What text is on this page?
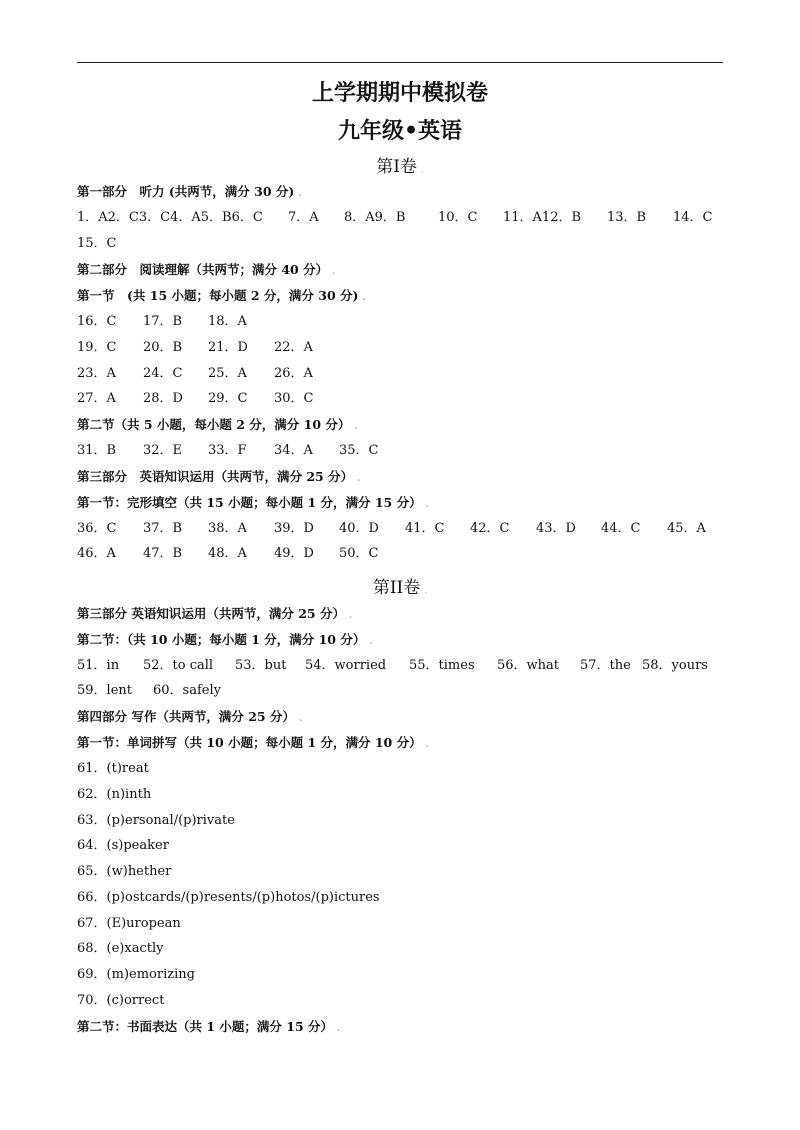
上学期期中模拟卷
九年级•英语
第I卷 .
第一部分　听力 (共两节，满分 30 分) .
1．A2．C3．C4．A5．B6．C 7．A 8．A9．B	10．C 11．A12．B 13．B 14．C
15．C
第二部分　阅读理解（共两节；满分 40 分） .
第一节　(共 15 小题；每小题 2 分，满分 30 分) .
16．C 17．B 18．A
19．C 20．B 21．D 22．A
23．A 24．C 25．A 26．A
27．A 28．D 29．C 30．C
第二节（共 5 小题，每小题 2 分，满分 10 分） .
31．B 32．E 33．F 34．A 35．C
第三部分　英语知识运用（共两节，满分 25 分） .
第一节：完形填空（共 15 小题；每小题 1 分，满分 15 分） .
36．C 37．B 38．A 39．D 40．D 41．C 42．C 43．D 44．C 45．A
46．A 47．B 48．A 49．D 50．C
第II卷 .
第三部分 英语知识运用（共两节，满分 25 分） .
第二节：（共 10 小题；每小题 1 分，满分 10 分） .
51．in 52．to call 53．but 54．worried 55．times 56．what 57．the 58．yours
59．lent 60．safely
第四部分 写作（共两节，满分 25 分） .
第一节：单词拼写（共 10 小题；每小题 1 分，满分 10 分） .
61．(t)reat
62．(n)inth
63．(p)ersonal/(p)rivate
64．(s)peaker
65．(w)hether
66．(p)ostcards/(p)resents/(p)hotos/(p)ictures
67．(E)uropean
68．(e)xactly
69．(m)emorizing
70．(c)orrect
第二节：书面表达（共 1 小题；满分 15 分） .
